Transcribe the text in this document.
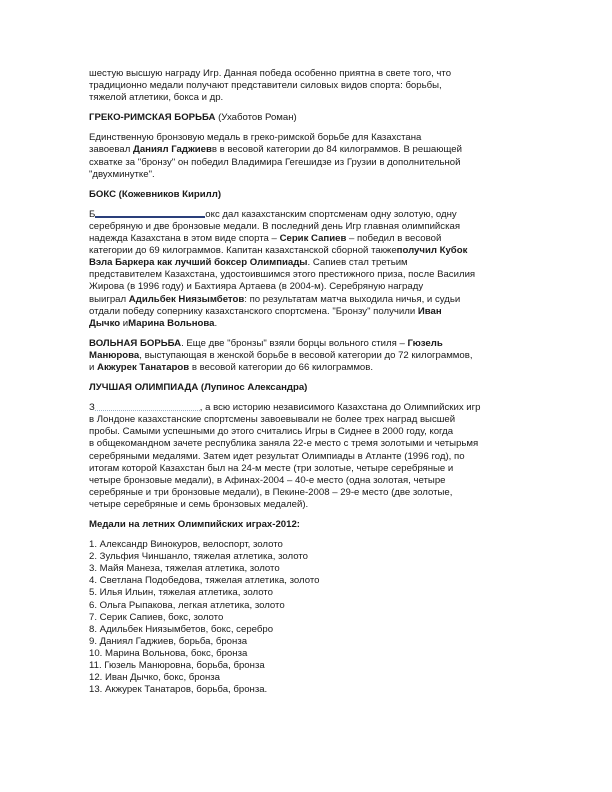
шестую высшую награду Игр. Данная победа особенно приятна в свете того, что
традиционно медали получают представители силовых видов спорта: борьбы,
тяжелой атлетики, бокса и др.

ГРЕКО-РИМСКАЯ БОРЬБА (Ухаботов Роман)

Единственную бронзовую медаль в греко-римской борьбе для Казахстана
завоевал Даниял Гаджиевв в весовой категории до 84 килограммов. В решающей
схватке за "бронзу" он победил Владимира Гегешидзе из Грузии в дополнительной
"двухминутке".

БОКС (Кожевников Кирилл)

Б	окс дал казахстанским спортсменам одну золотую, одну
серебряную и две бронзовые медали. В последний день Игр главная олимпийская
надежда Казахстана в этом виде спорта – Серик Сапиев – победил в весовой
категории до 69 килограммов. Капитан казахстанской сборной такжеполучил Кубок
Вэла Баркера как лучший боксер Олимпиады. Сапиев стал третьим
представителем Казахстана, удостоившимся этого престижного приза, после Василия
Жирова (в 1996 году) и Бахтияра Артаева (в 2004-м). Серебряную награду
выиграл Адильбек Ниязымбетов: по результатам матча выходила ничья, и судьи
отдали победу сопернику казахстанского спортсмена. "Бронзу" получили Иван
Дычко иМарина Вольнова.

ВОЛЬНАЯ БОРЬБА. Еще две "бронзы" взяли борцы вольного стиля – Гюзель
Манюрова, выступающая в женской борьбе в весовой категории до 72 килограммов,
и Акжурек Танатаров в весовой категории до 66 килограммов.

ЛУЧШАЯ ОЛИМПИАДА (Лупинос Александра)

З	, а всю историю независимого Казахстана до Олимпийских игр
в Лондоне казахстанские спортсмены завоевывали не более трех наград высшей
пробы. Самыми успешными до этого считались Игры в Сиднее в 2000 году, когда
в общекомандном зачете республика заняла 22-е место с тремя золотыми и четырьмя
серебряными медалями. Затем идет результат Олимпиады в Атланте (1996 год), по
итогам которой Казахстан был на 24-м месте (три золотые, четыре серебряные и
четыре бронзовые медали), в Афинах-2004 – 40-е место (одна золотая, четыре
серебряные и три бронзовые медали), в Пекине-2008 – 29-е место (две золотые,
четыре серебряные и семь бронзовых медалей).

Медали на летних Олимпийских играх-2012:

1. Александр Винокуров, велоспорт, золото
2. Зульфия Чиншанло, тяжелая атлетика, золото
3. Майя Манеза, тяжелая атлетика, золото
4. Светлана Подобедова, тяжелая атлетика, золото
5. Илья Ильин, тяжелая атлетика, золото
6. Ольга Рыпакова, легкая атлетика, золото
7. Серик Сапиев, бокс, золото
8. Адильбек Ниязымбетов, бокс, серебро
9. Даниял Гаджиев, борьба, бронза
10. Марина Вольнова, бокс, бронза
11. Гюзель Манюровна, борьба, бронза
12. Иван Дычко, бокс, бронза
13. Акжурек Танатаров, борьба, бронза.
